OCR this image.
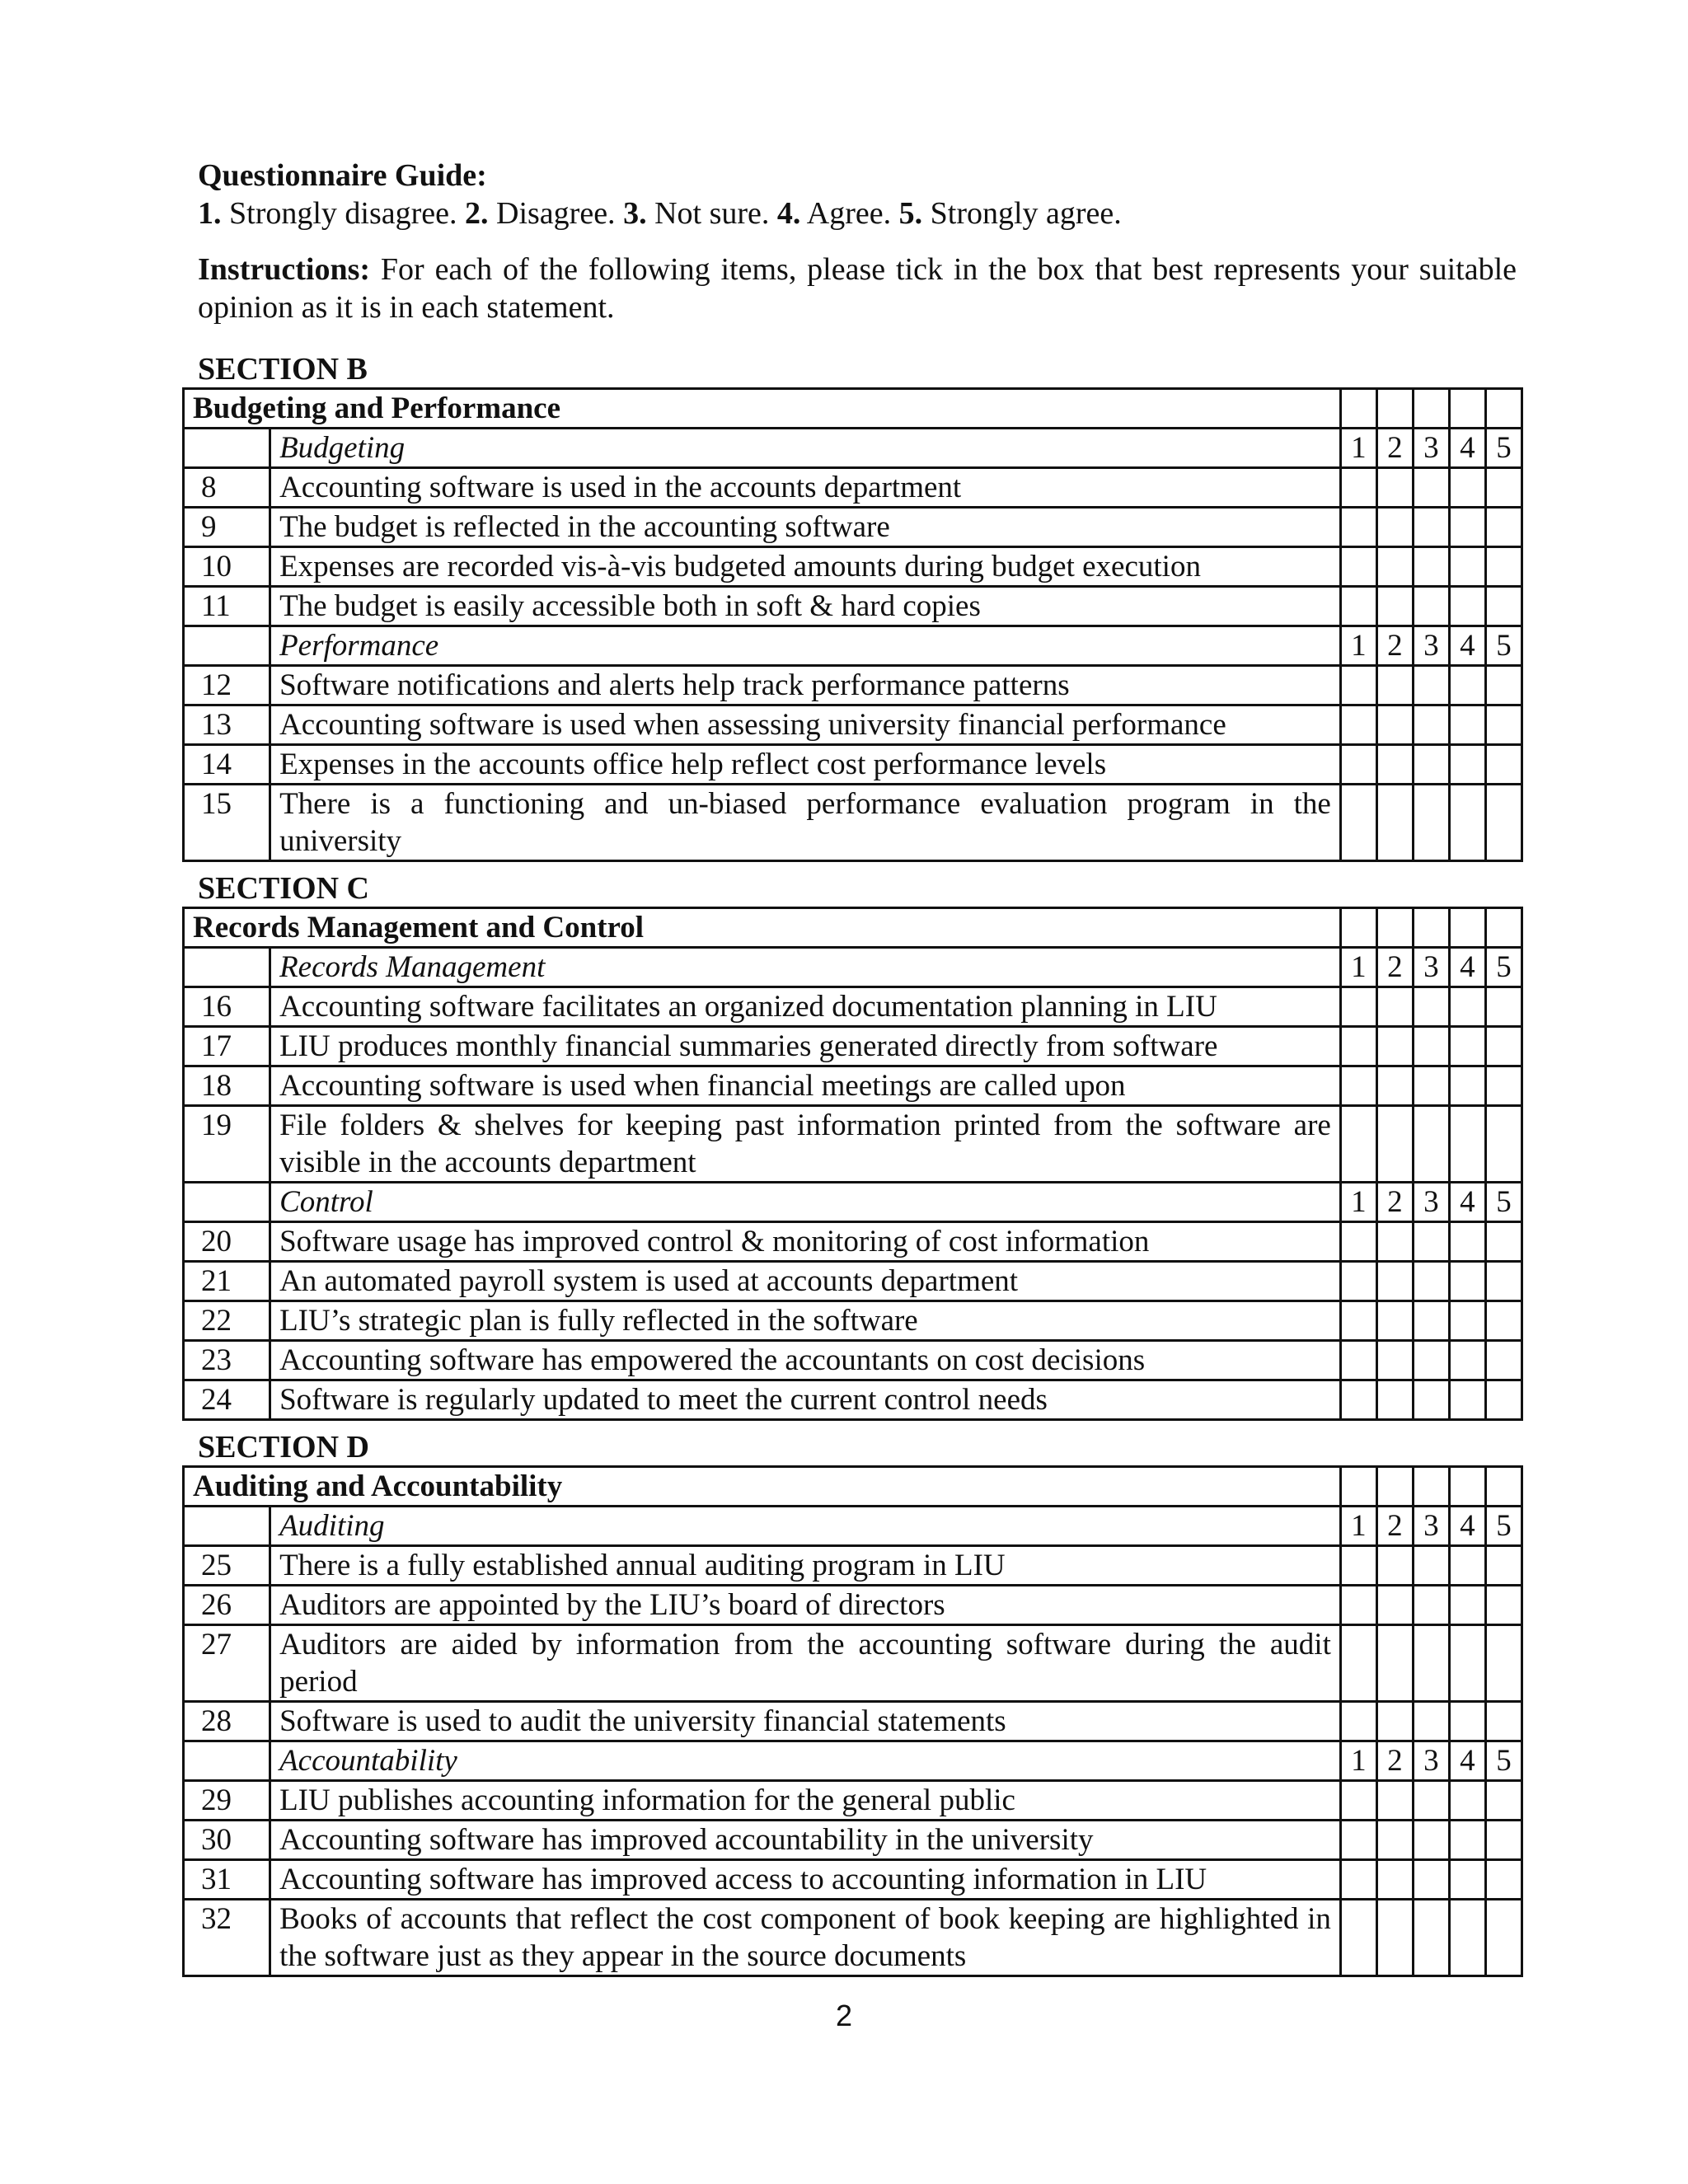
Questionnaire Guide:
1. Strongly disagree. 2. Disagree. 3. Not sure. 4. Agree. 5. Strongly agree.
Instructions: For each of the following items, please tick in the box that best represents your suitable opinion as it is in each statement.
SECTION B
Budgeting and Performance						
	Budgeting	1	2	3	4	5
8	Accounting software is used in the accounts department					
9	The budget is reflected in the accounting software					
10	Expenses are recorded vis-à-vis budgeted amounts during budget execution					
11	The budget is easily accessible both in soft & hard copies					
	Performance	1	2	3	4	5
12	Software notifications and alerts help track performance patterns					
13	Accounting software is used when assessing university financial performance					
14	Expenses in the accounts office help reflect cost performance levels					
15	There is a functioning and un-biased performance evaluation program in the university					
SECTION C
Records Management and Control						
	Records Management	1	2	3	4	5
16	Accounting software facilitates an organized documentation planning in LIU					
17	LIU produces monthly financial summaries generated directly from software					
18	Accounting software is used when financial meetings are called upon					
19	File folders & shelves for keeping past information printed from the software are visible in the accounts department					
	Control	1	2	3	4	5
20	Software usage has improved control & monitoring of cost information					
21	An automated payroll system is used at accounts department					
22	LIU’s strategic plan is fully reflected in the software					
23	Accounting software has empowered the accountants on cost decisions					
24	Software is regularly updated to meet the current control needs					
SECTION D
Auditing and Accountability						
	Auditing	1	2	3	4	5
25	There is a fully established annual auditing program in LIU					
26	Auditors are appointed by the LIU’s board of directors					
27	Auditors are aided by information from the accounting software during the audit period					
28	Software is used to audit the university financial statements					
	Accountability	1	2	3	4	5
29	LIU publishes accounting information for the general public					
30	Accounting software has improved accountability in the university					
31	Accounting software has improved access to accounting information in LIU					
32	Books of accounts that reflect the cost component of book keeping are highlighted in the software just as they appear in the source documents					
2
